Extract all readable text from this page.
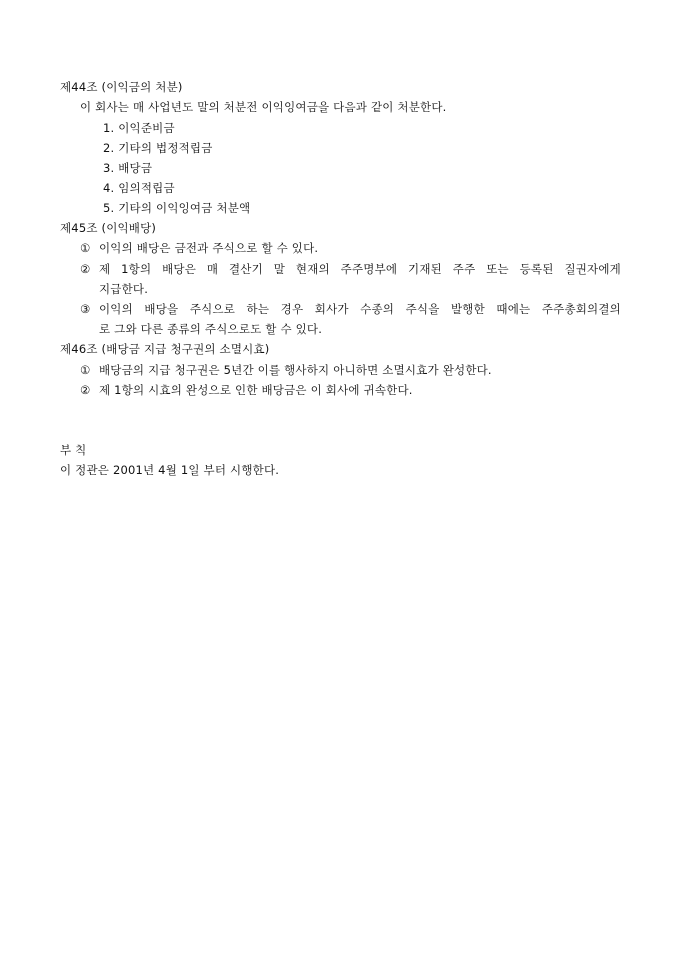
제44조 (이익금의 처분)
이 회사는 매 사업년도 말의 처분전 이익잉여금을 다음과 같이 처분한다.
1. 이익준비금
2. 기타의 법정적립금
3. 배당금
4. 임의적립금
5. 기타의 이익잉여금 처분액
제45조 (이익배당)
① 이익의 배당은 금전과 주식으로 할 수 있다.
② 제 1항의 배당은 매 결산기 말 현재의 주주명부에 기재된 주주 또는 등록된 질권자에게
지급한다.
③ 이익의 배당을 주식으로 하는 경우 회사가 수종의 주식을 발행한 때에는 주주총회의결의
로 그와 다른 종류의 주식으로도 할 수 있다.
제46조 (배당금 지급 청구권의 소멸시효)
① 배당금의 지급 청구권은 5년간 이를 행사하지 아니하면 소멸시효가 완성한다.
② 제 1항의 시효의 완성으로 인한 배당금은 이 회사에 귀속한다.
부 칙
이 정관은 2001년 4월 1일 부터 시행한다.
